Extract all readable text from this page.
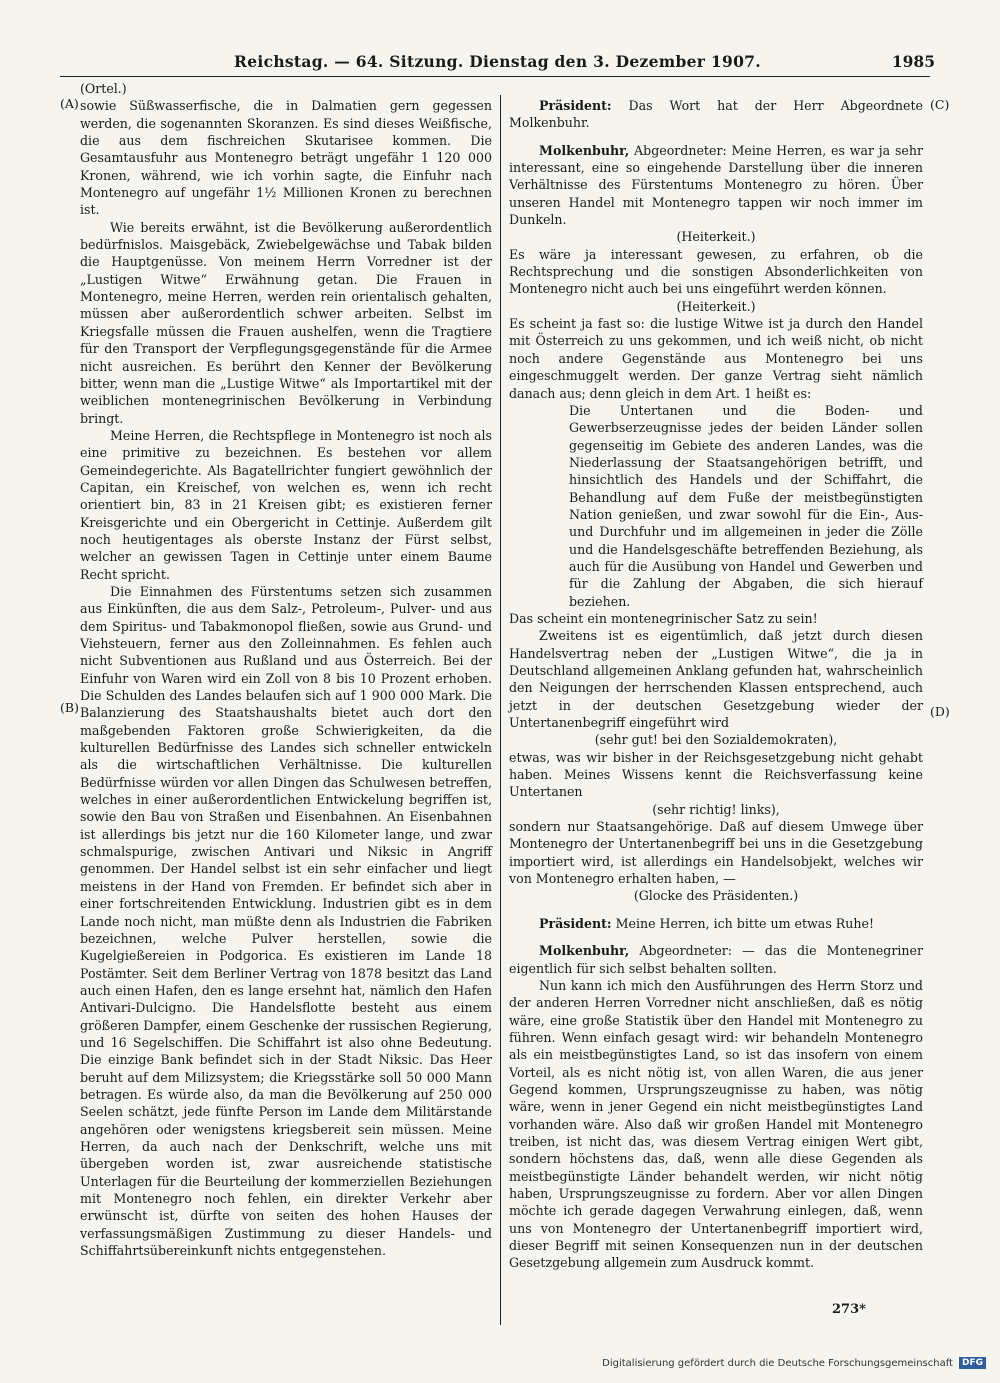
Reichstag. — 64. Sitzung. Dienstag den 3. Dezember 1907.	1985
(A)
(B)
(C)
(D)

(Ortel.)

sowie Süßwasserfische, die in Dalmatien gern gegessen werden, die sogenannten Skoranzen. Es sind dieses Weißfische, die aus dem fischreichen Skutarisee kommen. Die Gesamtausfuhr aus Montenegro beträgt ungefähr 1 120 000 Kronen, während, wie ich vorhin sagte, die Einfuhr nach Montenegro auf ungefähr 1½ Millionen Kronen zu berechnen ist.

Wie bereits erwähnt, ist die Bevölkerung außerordentlich bedürfnislos. Maisgebäck, Zwiebelgewächse und Tabak bilden die Hauptgenüsse. Von meinem Herrn Vorredner ist der „Lustigen Witwe“ Erwähnung getan. Die Frauen in Montenegro, meine Herren, werden rein orientalisch gehalten, müssen aber außerordentlich schwer arbeiten. Selbst im Kriegsfalle müssen die Frauen aushelfen, wenn die Tragtiere für den Transport der Verpflegungsgegenstände für die Armee nicht ausreichen. Es berührt den Kenner der Bevölkerung bitter, wenn man die „Lustige Witwe“ als Importartikel mit der weiblichen montenegrinischen Bevölkerung in Verbindung bringt.

Meine Herren, die Rechtspflege in Montenegro ist noch als eine primitive zu bezeichnen. Es bestehen vor allem Gemeindegerichte. Als Bagatellrichter fungiert gewöhnlich der Capitan, ein Kreischef, von welchen es, wenn ich recht orientiert bin, 83 in 21 Kreisen gibt; es existieren ferner Kreisgerichte und ein Obergericht in Cettinje. Außerdem gilt noch heutigentages als oberste Instanz der Fürst selbst, welcher an gewissen Tagen in Cettinje unter einem Baume Recht spricht.

Die Einnahmen des Fürstentums setzen sich zusammen aus Einkünften, die aus dem Salz-, Petroleum-, Pulver- und aus dem Spiritus- und Tabakmonopol fließen, sowie aus Grund- und Viehsteuern, ferner aus den Zolleinnahmen. Es fehlen auch nicht Subventionen aus Rußland und aus Österreich. Bei der Einfuhr von Waren wird ein Zoll von 8 bis 10 Prozent erhoben. Die Schulden des Landes belaufen sich auf 1 900 000 Mark. Die Balanzierung des Staatshaushalts bietet auch dort den maßgebenden Faktoren große Schwierigkeiten, da die kulturellen Bedürfnisse des Landes sich schneller entwickeln als die wirtschaftlichen Verhältnisse. Die kulturellen Bedürfnisse würden vor allen Dingen das Schulwesen betreffen, welches in einer außerordentlichen Entwickelung begriffen ist, sowie den Bau von Straßen und Eisenbahnen. An Eisenbahnen ist allerdings bis jetzt nur die 160 Kilometer lange, und zwar schmalspurige, zwischen Antivari und Niksic in Angriff genommen. Der Handel selbst ist ein sehr einfacher und liegt meistens in der Hand von Fremden. Er befindet sich aber in einer fortschreitenden Entwicklung. Industrien gibt es in dem Lande noch nicht, man müßte denn als Industrien die Fabriken bezeichnen, welche Pulver herstellen, sowie die Kugelgießereien in Podgorica. Es existieren im Lande 18 Postämter. Seit dem Berliner Vertrag von 1878 besitzt das Land auch einen Hafen, den es lange ersehnt hat, nämlich den Hafen Antivari-Dulcigno. Die Handelsflotte besteht aus einem größeren Dampfer, einem Geschenke der russischen Regierung, und 16 Segelschiffen. Die Schiffahrt ist also ohne Bedeutung. Die einzige Bank befindet sich in der Stadt Niksic. Das Heer beruht auf dem Milizsystem; die Kriegsstärke soll 50 000 Mann betragen. Es würde also, da man die Bevölkerung auf 250 000 Seelen schätzt, jede fünfte Person im Lande dem Militärstande angehören oder wenigstens kriegsbereit sein müssen. Meine Herren, da auch nach der Denkschrift, welche uns mit übergeben worden ist, zwar ausreichende statistische Unterlagen für die Beurteilung der kommerziellen Beziehungen mit Montenegro noch fehlen, ein direkter Verkehr aber erwünscht ist, dürfte von seiten des hohen Hauses der verfassungsmäßigen Zustimmung zu dieser Handels- und Schiffahrtsübereinkunft nichts entgegenstehen.

Präsident: Das Wort hat der Herr Abgeordnete Molkenbuhr.

Molkenbuhr, Abgeordneter: Meine Herren, es war ja sehr interessant, eine so eingehende Darstellung über die inneren Verhältnisse des Fürstentums Montenegro zu hören. Über unseren Handel mit Montenegro tappen wir noch immer im Dunkeln.

(Heiterkeit.)

Es wäre ja interessant gewesen, zu erfahren, ob die Rechtsprechung und die sonstigen Absonderlichkeiten von Montenegro nicht auch bei uns eingeführt werden können.

(Heiterkeit.)

Es scheint ja fast so: die lustige Witwe ist ja durch den Handel mit Österreich zu uns gekommen, und ich weiß nicht, ob nicht noch andere Gegenstände aus Montenegro bei uns eingeschmuggelt werden. Der ganze Vertrag sieht nämlich danach aus; denn gleich in dem Art. 1 heißt es:

Die Untertanen und die Boden- und Gewerbserzeugnisse jedes der beiden Länder sollen gegenseitig im Gebiete des anderen Landes, was die Niederlassung der Staatsangehörigen betrifft, und hinsichtlich des Handels und der Schiffahrt, die Behandlung auf dem Fuße der meistbegünstigten Nation genießen, und zwar sowohl für die Ein-, Aus- und Durchfuhr und im allgemeinen in jeder die Zölle und die Handelsgeschäfte betreffenden Beziehung, als auch für die Ausübung von Handel und Gewerben und für die Zahlung der Abgaben, die sich hierauf beziehen.

Das scheint ein montenegrinischer Satz zu sein!

Zweitens ist es eigentümlich, daß jetzt durch diesen Handelsvertrag neben der „Lustigen Witwe“, die ja in Deutschland allgemeinen Anklang gefunden hat, wahrscheinlich den Neigungen der herrschenden Klassen entsprechend, auch jetzt in der deutschen Gesetzgebung wieder der Untertanenbegriff eingeführt wird

(sehr gut! bei den Sozialdemokraten),

etwas, was wir bisher in der Reichsgesetzgebung nicht gehabt haben. Meines Wissens kennt die Reichsverfassung keine Untertanen

(sehr richtig! links),

sondern nur Staatsangehörige. Daß auf diesem Umwege über Montenegro der Untertanenbegriff bei uns in die Gesetzgebung importiert wird, ist allerdings ein Handelsobjekt, welches wir von Montenegro erhalten haben, —

(Glocke des Präsidenten.)

Präsident: Meine Herren, ich bitte um etwas Ruhe!

Molkenbuhr, Abgeordneter: — das die Montenegriner eigentlich für sich selbst behalten sollten.

Nun kann ich mich den Ausführungen des Herrn Storz und der anderen Herren Vorredner nicht anschließen, daß es nötig wäre, eine große Statistik über den Handel mit Montenegro zu führen. Wenn einfach gesagt wird: wir behandeln Montenegro als ein meistbegünstigtes Land, so ist das insofern von einem Vorteil, als es nicht nötig ist, von allen Waren, die aus jener Gegend kommen, Ursprungszeugnisse zu haben, was nötig wäre, wenn in jener Gegend ein nicht meistbegünstigtes Land vorhanden wäre. Also daß wir großen Handel mit Montenegro treiben, ist nicht das, was diesem Vertrag einigen Wert gibt, sondern höchstens das, daß, wenn alle diese Gegenden als meistbegünstigte Länder behandelt werden, wir nicht nötig haben, Ursprungszeugnisse zu fordern. Aber vor allen Dingen möchte ich gerade dagegen Verwahrung einlegen, daß, wenn uns von Montenegro der Untertanenbegriff importiert wird, dieser Begriff mit seinen Konsequenzen nun in der deutschen Gesetzgebung allgemein zum Ausdruck kommt.

273*
Digitalisierung gefördert durch die Deutsche Forschungsgemeinschaft	DFG
